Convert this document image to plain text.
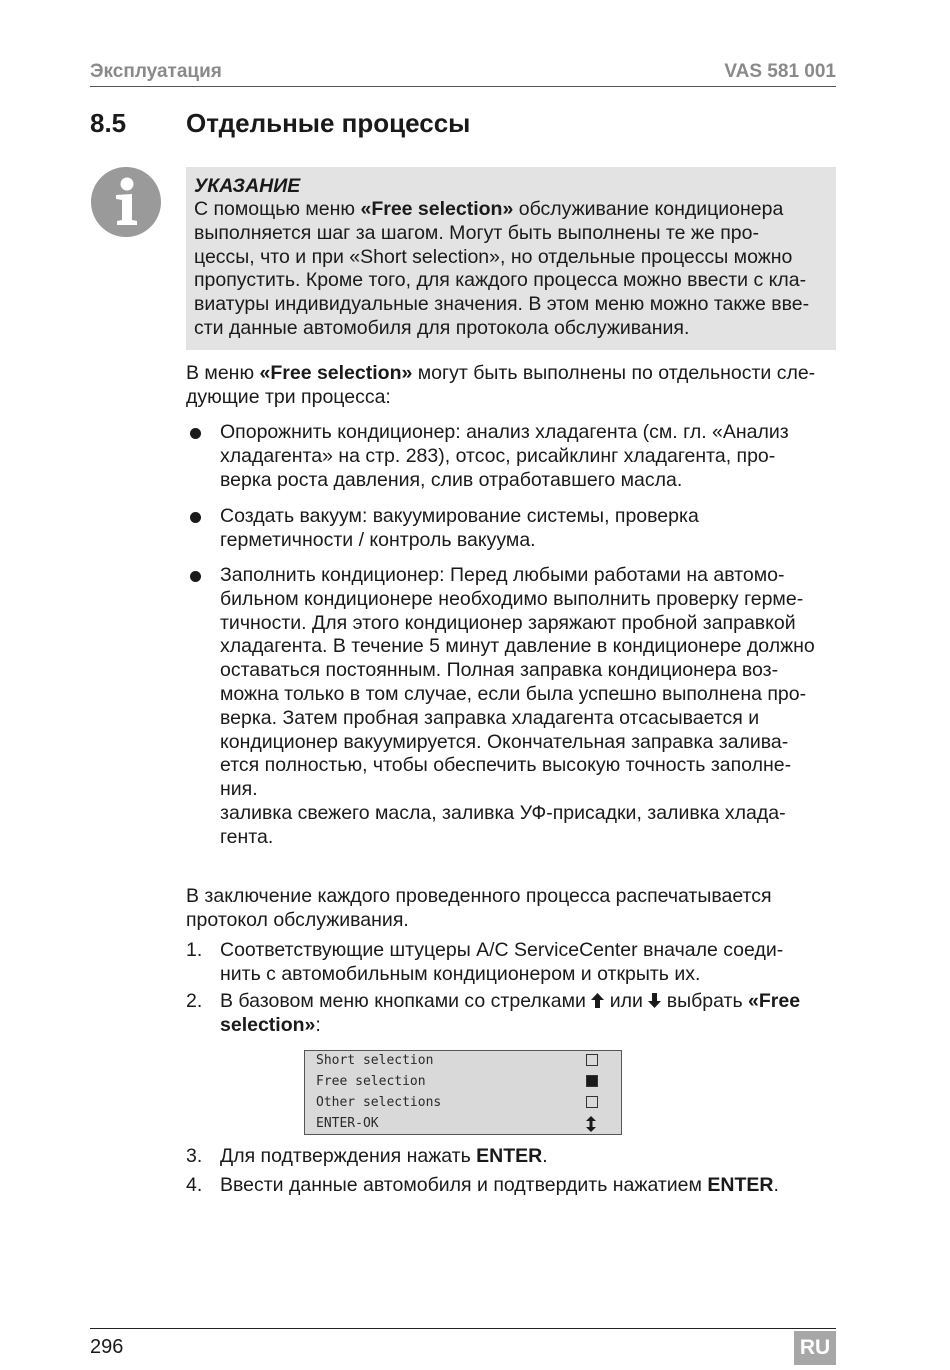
Эксплуатация	VAS 581 001
8.5 Отдельные процессы
УКАЗАНИЕ

С помощью меню «Free selection» обслуживание кондиционера

выполняется шаг за шагом. Могут быть выполнены те же про-

цессы, что и при «Short selection», но отдельные процессы можно

пропустить. Кроме того, для каждого процесса можно ввести с кла-

виатуры индивидуальные значения. В этом меню можно также вве-

сти данные автомобиля для протокола обслуживания.

В меню «Free selection» могут быть выполнены по отдельности сле-
дующие три процесса:

Опорожнить кондиционер: анализ хладагента (см. гл. «Анализ

хладагента» на стр. 283), отсос, рисайклинг хладагента, про-

верка роста давления, слив отработавшего масла.

Создать вакуум: вакуумирование системы, проверка

герметичности / контроль вакуума.

Заполнить кондиционер: Перед любыми работами на автомо-

бильном кондиционере необходимо выполнить проверку герме-

тичности. Для этого кондиционер заряжают пробной заправкой

хладагента. В течение 5 минут давление в кондиционере должно

оставаться постоянным. Полная заправка кондиционера воз-

можна только в том случае, если была успешно выполнена про-

верка. Затем пробная заправка хладагента отсасывается и

кондиционер вакуумируется. Окончательная заправка залива-

ется полностью, чтобы обеспечить высокую точность заполне-

ния.

заливка свежего масла, заливка УФ-присадки, заливка хлада-

гента.

В заключение каждого проведенного процесса распечатывается
протокол обслуживания.
1. Соответствующие штуцеры A/C ServiceCenter вначале соеди-
нить с автомобильным кондиционером и открыть их.
2. В базовом меню кнопками со стрелками  или  выбрать «Free
selection»:
Short selection
Free selection
Other selections
ENTER-OK
3. Для подтверждения нажать ENTER.
4. Ввести данные автомобиля и подтвердить нажатием ENTER.
296	RU
